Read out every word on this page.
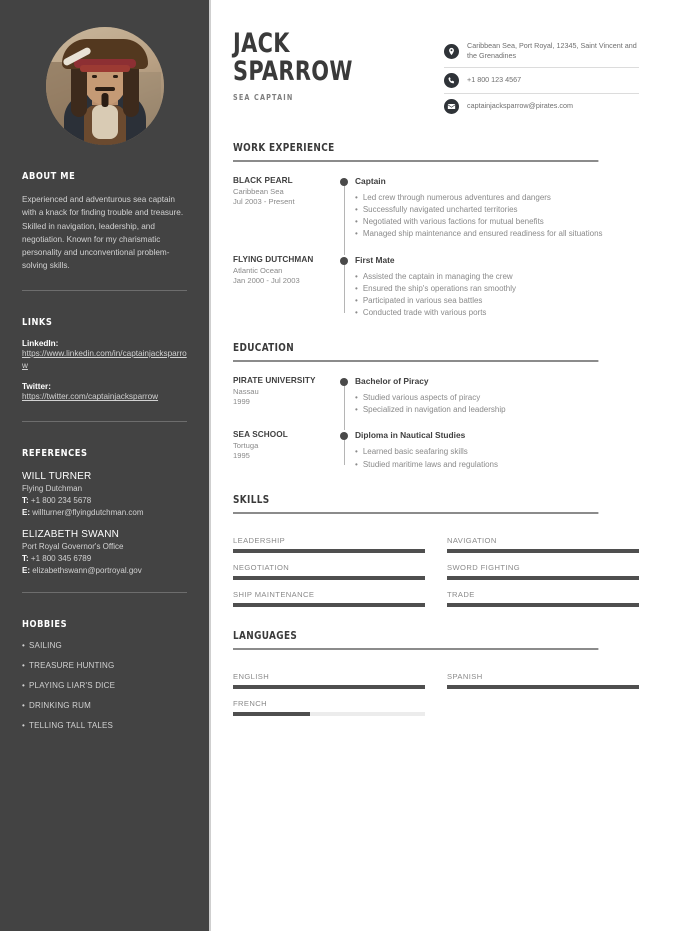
ABOUT ME
Experienced and adventurous sea captain with a knack for finding trouble and treasure. Skilled in navigation, leadership, and negotiation. Known for my charismatic personality and unconventional problem-solving skills.
LINKS
LinkedIn:
https://www.linkedin.com/in/captainjacksparrow
Twitter:
https://twitter.com/captainjacksparrow
REFERENCES
WILL TURNER
Flying Dutchman
T: +1 800 234 5678
E: willturner@flyingdutchman.com
ELIZABETH SWANN
Port Royal Governor's Office
T: +1 800 345 6789
E: elizabethswann@portroyal.gov
HOBBIES
• SAILING
• TREASURE HUNTING
• PLAYING LIAR'S DICE
• DRINKING RUM
• TELLING TALL TALES
JACK
SPARROW
SEA CAPTAIN
Caribbean Sea, Port Royal, 12345, Saint Vincent and the Grenadines
+1 800 123 4567
captainjacksparrow@pirates.com
WORK EXPERIENCE
BLACK PEARL
Caribbean Sea
Jul 2003 - Present
Captain
• Led crew through numerous adventures and dangers
• Successfully navigated uncharted territories
• Negotiated with various factions for mutual benefits
• Managed ship maintenance and ensured readiness for all situations
FLYING DUTCHMAN
Atlantic Ocean
Jan 2000 - Jul 2003
First Mate
• Assisted the captain in managing the crew
• Ensured the ship's operations ran smoothly
• Participated in various sea battles
• Conducted trade with various ports
EDUCATION
PIRATE UNIVERSITY
Nassau
1999
Bachelor of Piracy
• Studied various aspects of piracy
• Specialized in navigation and leadership
SEA SCHOOL
Tortuga
1995
Diploma in Nautical Studies
• Learned basic seafaring skills
• Studied maritime laws and regulations
SKILLS
LEADERSHIP	NAVIGATION
NEGOTIATION	SWORD FIGHTING
SHIP MAINTENANCE	TRADE
LANGUAGES
ENGLISH	SPANISH
FRENCH
